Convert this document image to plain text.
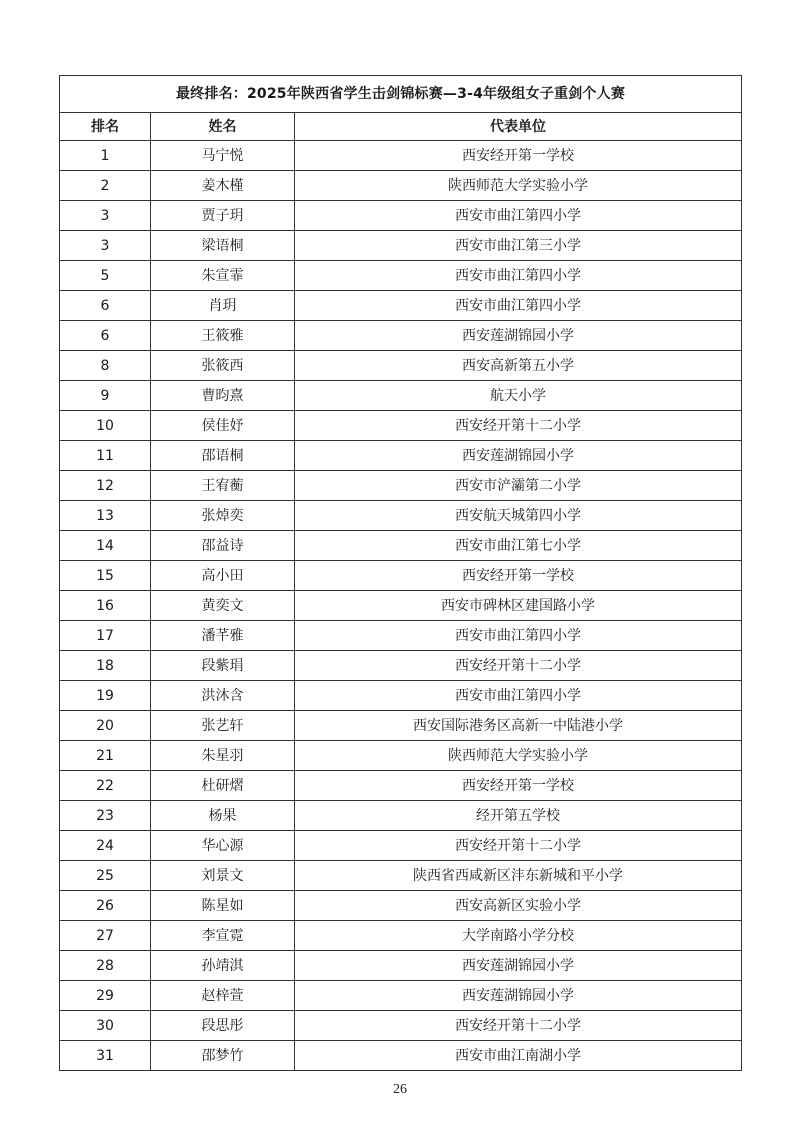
最终排名：2025年陕西省学生击剑锦标赛—3-4年级组女子重剑个人赛		
排名	姓名	代表单位
1	马宁悦	西安经开第一学校
2	姜木槿	陕西师范大学实验小学
3	贾子玥	西安市曲江第四小学
3	梁语桐	西安市曲江第三小学
5	朱宣霏	西安市曲江第四小学
6	肖玥	西安市曲江第四小学
6	王筱雅	西安莲湖锦园小学
8	张筱西	西安高新第五小学
9	曹昀熹	航天小学
10	侯佳妤	西安经开第十二小学
11	邵语桐	西安莲湖锦园小学
12	王宥蘅	西安市浐灞第二小学
13	张焯奕	西安航天城第四小学
14	邵益诗	西安市曲江第七小学
15	高小田	西安经开第一学校
16	黄奕文	西安市碑林区建国路小学
17	潘芊雅	西安市曲江第四小学
18	段紫琄	西安经开第十二小学
19	洪沐含	西安市曲江第四小学
20	张艺轩	西安国际港务区高新一中陆港小学
21	朱星羽	陕西师范大学实验小学
22	杜研熠	西安经开第一学校
23	杨果	经开第五学校
24	华心源	西安经开第十二小学
25	刘景文	陕西省西咸新区沣东新城和平小学
26	陈星如	西安高新区实验小学
27	李宣霓	大学南路小学分校
28	孙靖淇	西安莲湖锦园小学
29	赵梓萱	西安莲湖锦园小学
30	段思彤	西安经开第十二小学
31	邵梦竹	西安市曲江南湖小学
26
